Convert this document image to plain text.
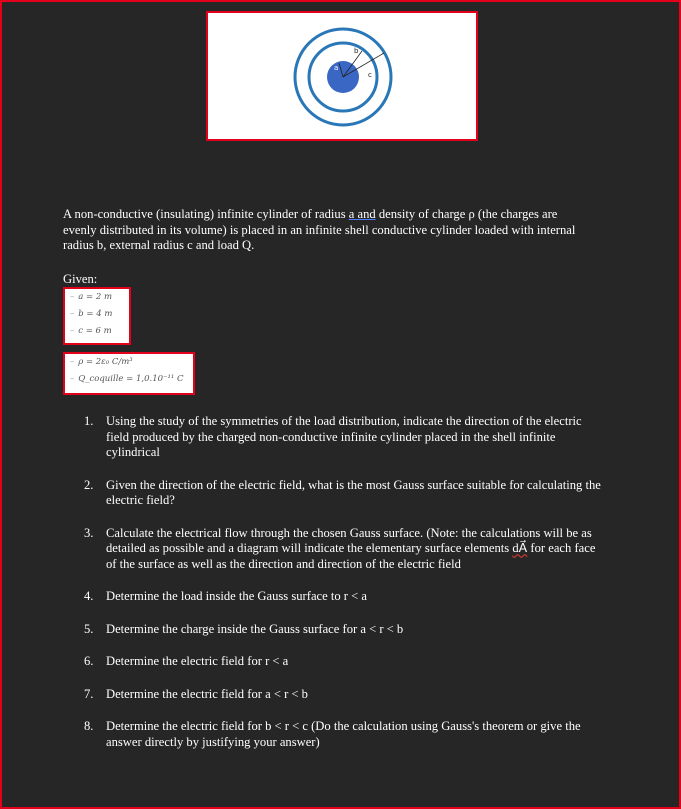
a
b
c
A non-conductive (insulating) infinite cylinder of radius a and density of charge ρ (the charges are evenly distributed in its volume) is placed in an infinite shell conductive cylinder loaded with internal radius b, external radius c and load Q.
Given:
– a = 2 m
– b = 4 m
– c = 6 m
– ρ = 2ε₀ C/m³
– Q_coquille = 1,0.10⁻¹¹ C
1. Using the study of the symmetries of the load distribution, indicate the direction of the electric field produced by the charged non-conductive infinite cylinder placed in the shell infinite cylindrical
2. Given the direction of the electric field, what is the most Gauss surface suitable for calculating the electric field?
3. Calculate the electrical flow through the chosen Gauss surface. (Note: the calculations will be as detailed as possible and a diagram will indicate the elementary surface elements dA⃗ for each face of the surface as well as the direction and direction of the electric field
4. Determine the load inside the Gauss surface to r < a
5. Determine the charge inside the Gauss surface for a < r < b
6. Determine the electric field for r < a
7. Determine the electric field for a < r < b
8. Determine the electric field for b < r < c (Do the calculation using Gauss's theorem or give the answer directly by justifying your answer)
